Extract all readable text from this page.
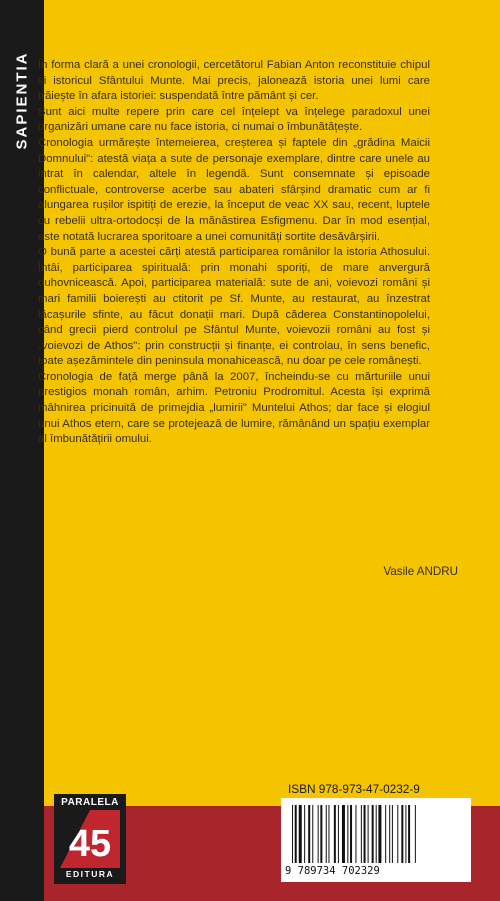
SAPIENTIA În forma clară a unei cronologii, cercetătorul Fabian Anton reconstituie chipul și istoricul Sfântului Munte. Mai precis, jalonează istoria unei lumi care trăiește în afara istoriei: suspendată între pământ și cer.

Sunt aici multe repere prin care cel înțelept va înțelege paradoxul unei organizări umane care nu face istoria, ci numai o îmbunătățește.

Cronologia urmărește întemeierea, creșterea și faptele din „grădina Maicii Domnului": atestă viața a sute de personaje exemplare, dintre care unele au intrat în calendar, altele în legendă. Sunt consemnate și episoade conflictuale, controverse acerbe sau abateri sfârșind dramatic cum ar fi alungarea rușilor ispitiți de erezie, la început de veac XX sau, recent, luptele cu rebelii ultra-ortodocși de la mănăstirea Esfigmenu. Dar în mod esențial, este notată lucrarea sporitoare a unei comunități sortite desăvârșirii.

O bună parte a acestei cărți atestă participarea românilor la istoria Athosului. Întâi, participarea spirituală: prin monahi sporiți, de mare anvergură duhovnicească. Apoi, participarea materială: sute de ani, voievozi români și mari familii boierești au ctitorit pe Sf. Munte, au restaurat, au înzestrat lăcașurile sfinte, au făcut donații mari. După căderea Constantinopolelui, când grecii pierd controlul pe Sfântul Munte, voievozii români au fost și „voievozi de Athos": prin construcții și finanțe, ei controlau, în sens benefic, toate așezămintele din peninsula monahicească, nu doar pe cele românești.

Cronologia de față merge până la 2007, încheindu-se cu mărturiile unui prestigios monah român, arhim. Petroniu Prodromitul. Acesta își exprimă mâhnirea pricinuită de primejdia „lumirii" Muntelui Athos; dar face și elogiul unui Athos etern, care se protejează de lumire, rămânând un spațiu exemplar al îmbunătățirii omului.

Vasile ANDRU
ISBN 978-973-47-0232-9
9 789734 702329
PARALELA
45
EDITURA
